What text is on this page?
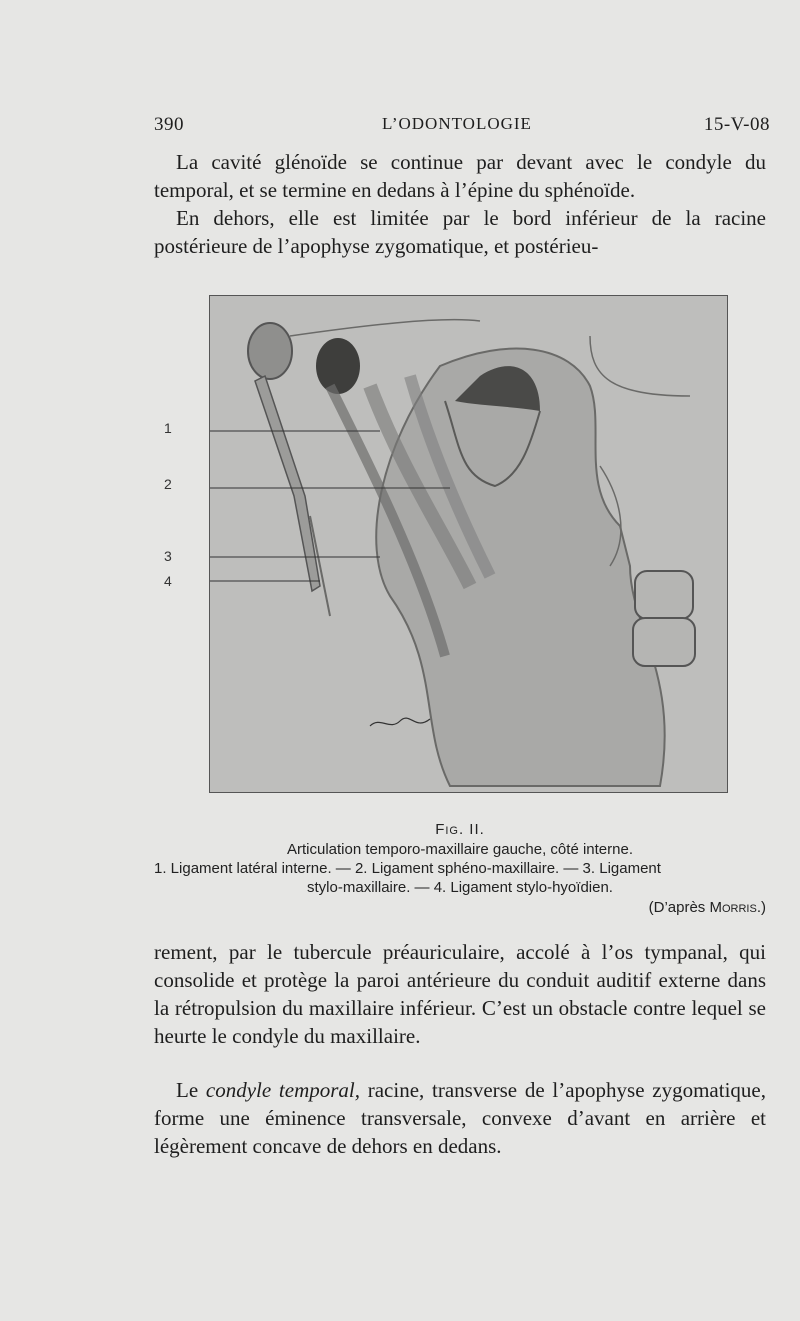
390	L’ODONTOLOGIE	15-V-08

La cavité glénoïde se continue par devant avec le condyle du temporal, et se termine en dedans à l’épine du sphénoïde.

En dehors, elle est limitée par le bord inférieur de la racine postérieure de l’apophyse zygomatique, et postérieu-

1
2
3
4

Fig. II.

Articulation temporo-maxillaire gauche, côté interne.

1. Ligament latéral interne. — 2. Ligament sphéno-maxillaire. — 3. Ligament

stylo-maxillaire. — 4. Ligament stylo-hyoïdien.

(D’après Morris.)

rement, par le tubercule préauriculaire, accolé à l’os tympanal, qui consolide et protège la paroi antérieure du conduit auditif externe dans la rétropulsion du maxillaire inférieur. C’est un obstacle contre lequel se heurte le condyle du maxillaire.

Le condyle temporal, racine, transverse de l’apophyse zygomatique, forme une éminence transversale, convexe d’avant en arrière et légèrement concave de dehors en dedans.
